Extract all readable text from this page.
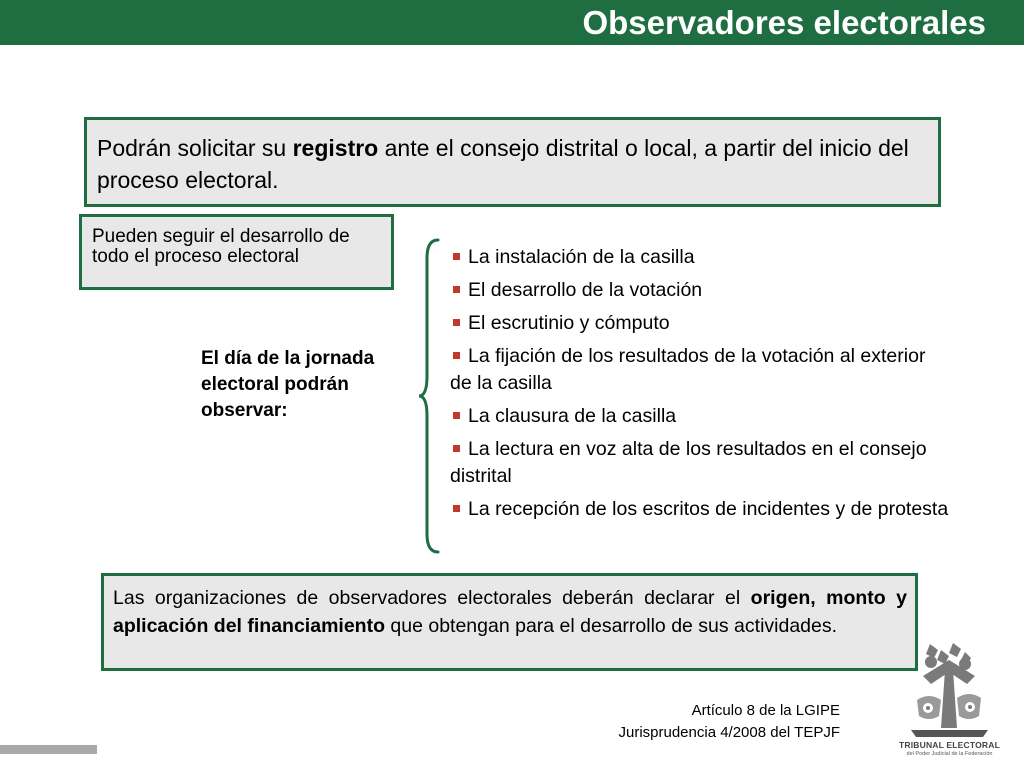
Observadores electorales
Podrán solicitar su registro ante el consejo distrital o local, a partir del inicio del proceso electoral.
Pueden seguir el desarrollo de todo el proceso electoral
El día de la jornada electoral podrán observar:
La instalación de la casilla
El desarrollo de la votación
El escrutinio y cómputo
La fijación de los resultados de la votación al exterior de la casilla
La clausura de la casilla
La lectura en voz alta de los resultados en el consejo distrital
La recepción de los escritos de incidentes y de protesta
Las organizaciones de observadores electorales deberán declarar el origen, monto y aplicación del financiamiento que obtengan para el desarrollo de sus actividades.
Artículo 8 de la LGIPE
Jurisprudencia 4/2008 del TEPJF
TRIBUNAL ELECTORAL
del Poder Judicial de la Federación
